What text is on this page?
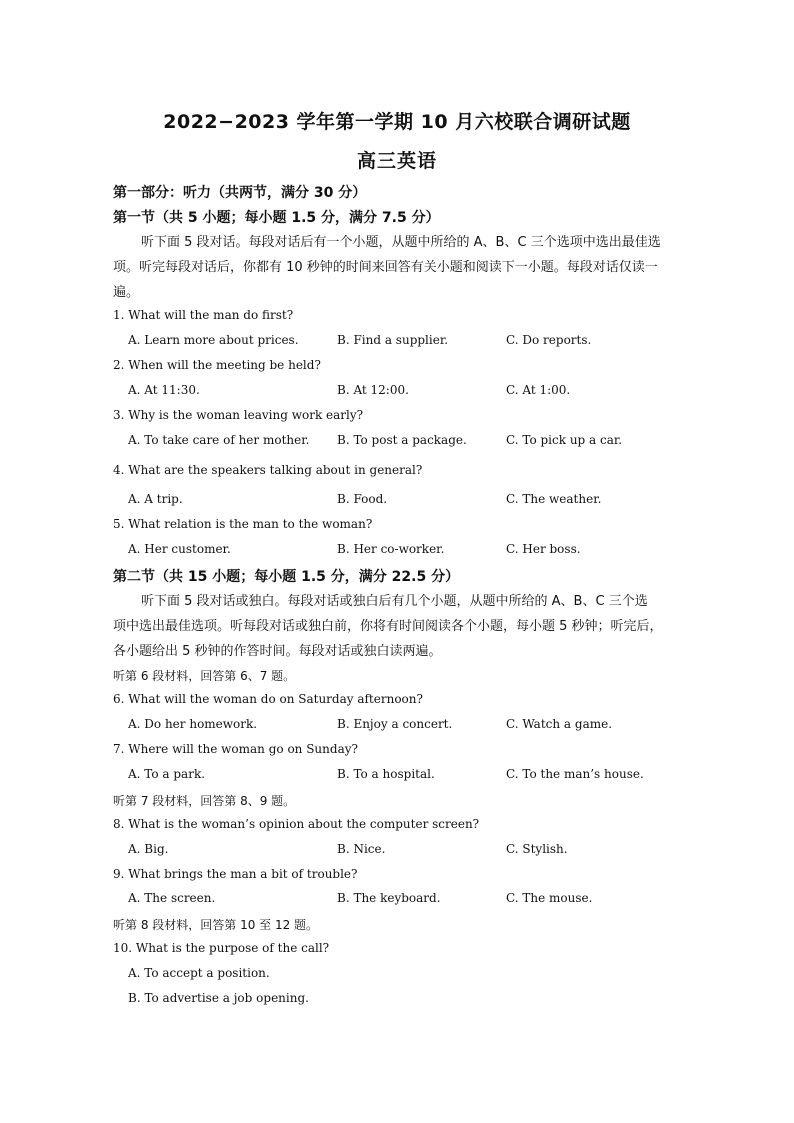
2022−2023 学年第一学期 10 月六校联合调研试题
高三英语
第一部分：听力（共两节，满分 30 分）
第一节（共 5 小题；每小题 1.5 分，满分 7.5 分）
听下面 5 段对话。每段对话后有一个小题，从题中所给的 A、B、C 三个选项中选出最佳选
项。听完每段对话后，你都有 10 秒钟的时间来回答有关小题和阅读下一小题。每段对话仅读一
遍。
1. What will the man do first?
A. Learn more about prices.	B. Find a supplier.	C. Do reports.
2. When will the meeting be held?
A. At 11:30.	B. At 12:00.	C. At 1:00.
3. Why is the woman leaving work early?
A. To take care of her mother. B. To post a package.	C. To pick up a car.
4. What are the speakers talking about in general?
A. A trip.	B. Food.	C. The weather.
5. What relation is the man to the woman?
A. Her customer.	B. Her co-worker.	C. Her boss.
第二节（共 15 小题；每小题 1.5 分，满分 22.5 分）
听下面 5 段对话或独白。每段对话或独白后有几个小题，从题中所给的 A、B、C 三个选
项中选出最佳选项。听每段对话或独白前，你将有时间阅读各个小题，每小题 5 秒钟；听完后，
各小题给出 5 秒钟的作答时间。每段对话或独白读两遍。
听第 6 段材料，回答第 6、7 题。
6. What will the woman do on Saturday afternoon?
A. Do her homework.	B. Enjoy a concert.	C. Watch a game.
7. Where will the woman go on Sunday?
A. To a park.	B. To a hospital.	C. To the man’s house.
听第 7 段材料，回答第 8、9 题。
8. What is the woman’s opinion about the computer screen?
A. Big.	B. Nice.	C. Stylish.
9. What brings the man a bit of trouble?
A. The screen.	B. The keyboard.	C. The mouse.
听第 8 段材料，回答第 10 至 12 题。
10. What is the purpose of the call?
A. To accept a position.
B. To advertise a job opening.
